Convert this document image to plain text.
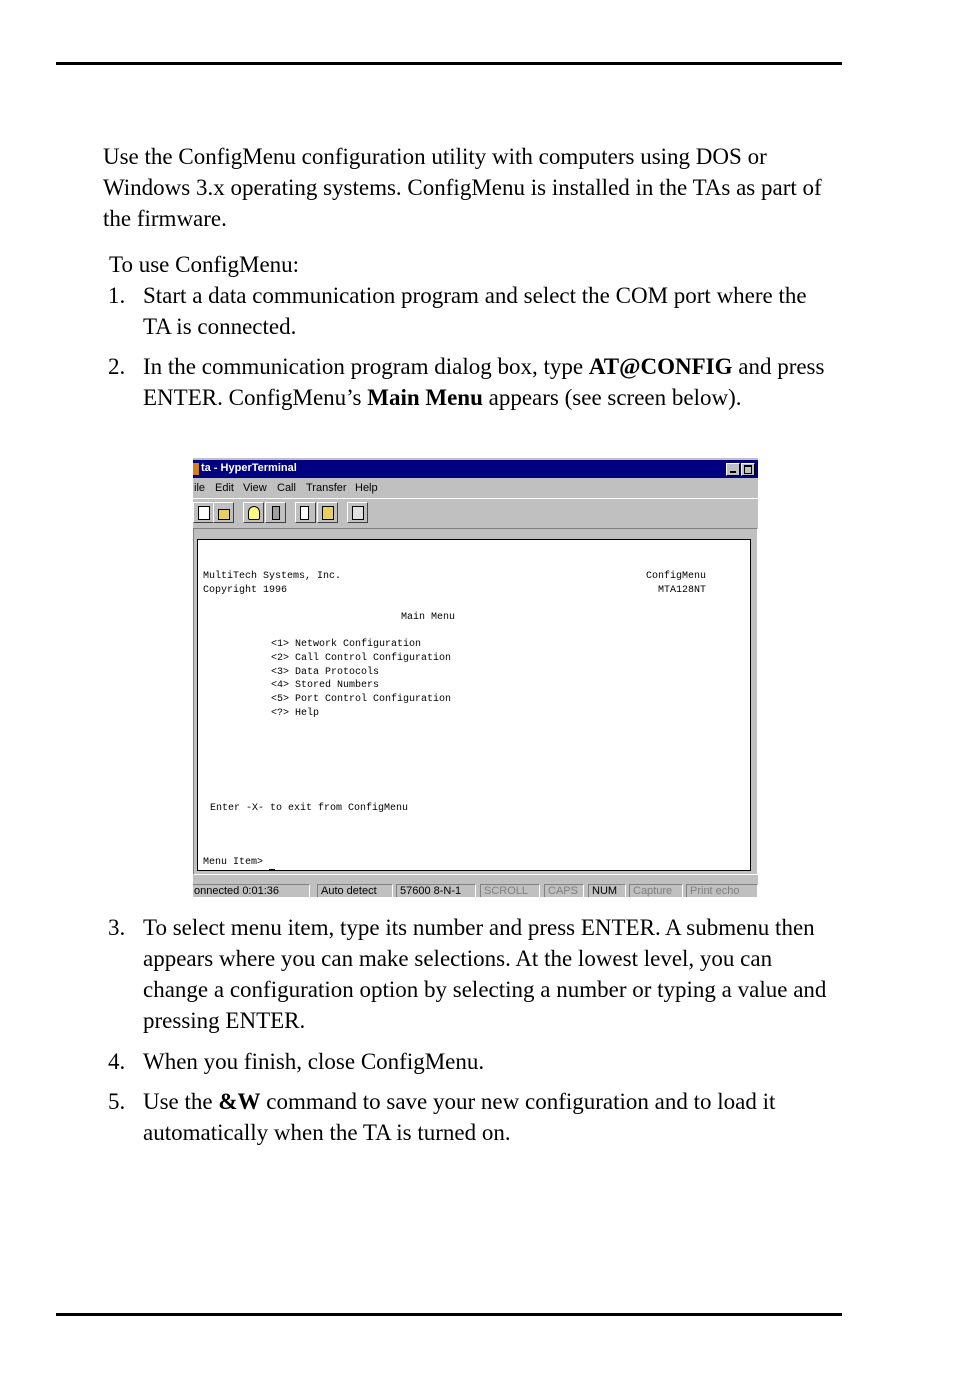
Use the ConfigMenu configuration utility with computers using DOS or Windows 3.x operating systems. ConfigMenu is installed in the TAs as part of the firmware.
To use ConfigMenu:
1. Start a data communication program and select the COM port where the TA is connected.
2. In the communication program dialog box, type AT@CONFIG and press ENTER. ConfigMenu’s Main Menu appears (see screen below).
ta - HyperTerminal
ile Edit View Call Transfer Help
MultiTech Systems, Inc.	ConfigMenu
Copyright 1996	MTA128NT
Main Menu
<1> Network Configuration
<2> Call Control Configuration
<3> Data Protocols
<4> Stored Numbers
<5> Port Control Configuration
<?> Help
Enter -X- to exit from ConfigMenu
Menu Item>
onnected 0:01:36	Auto detect	57600 8-N-1	SCROLL	CAPS	NUM	Capture	Print echo
3. To select menu item, type its number and press ENTER. A submenu then appears where you can make selections. At the lowest level, you can change a configuration option by selecting a number or typing a value and pressing ENTER.
4. When you finish, close ConfigMenu.
5. Use the &W command to save your new configuration and to load it automatically when the TA is turned on.
